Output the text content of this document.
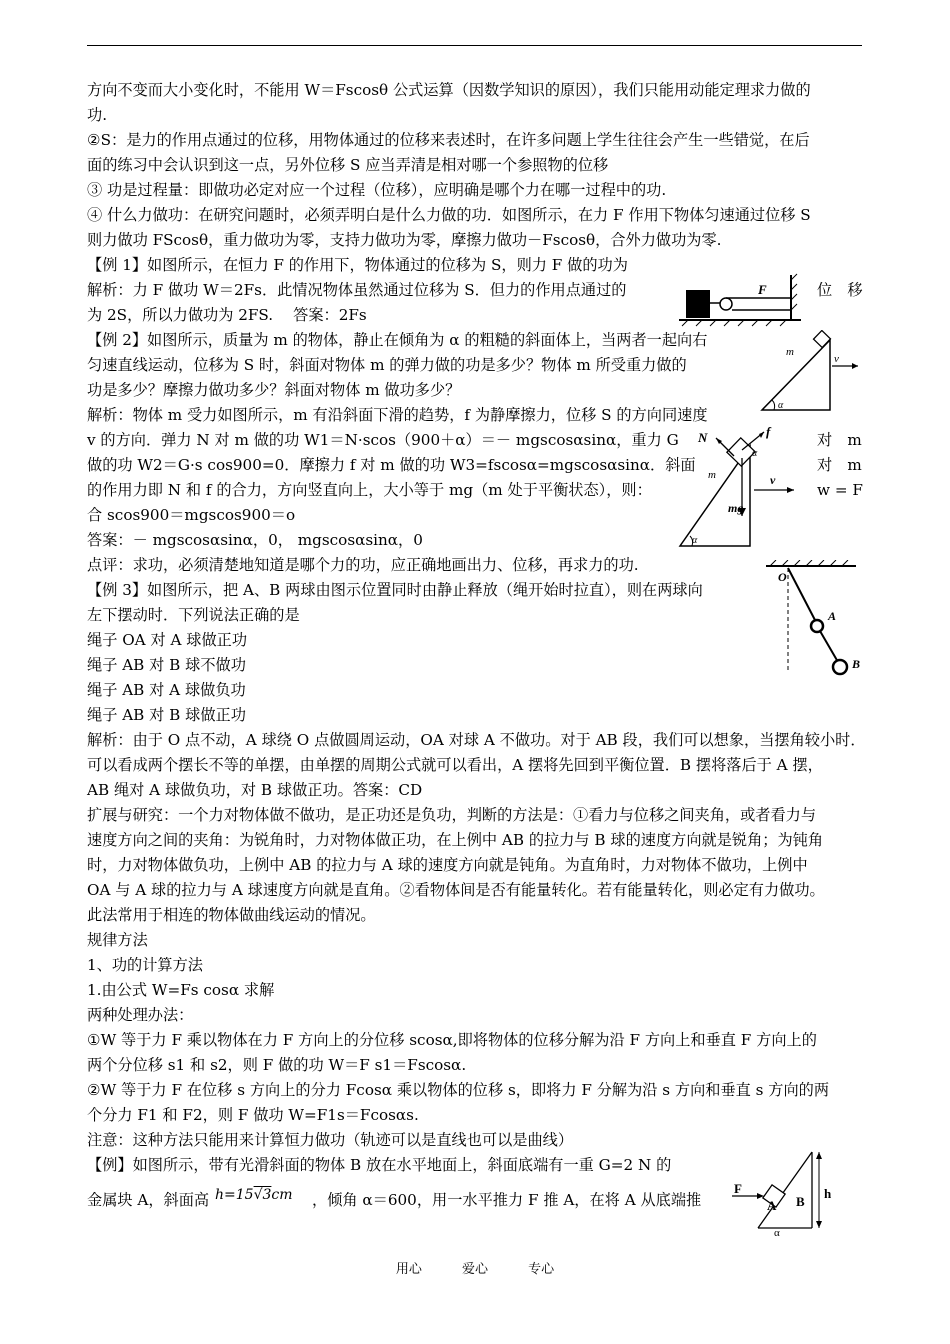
方向不变而大小变化时，不能用 W＝Fscosθ 公式运算（因数学知识的原因），我们只能用动能定理求力做的
功.
②S：是力的作用点通过的位移，用物体通过的位移来表述时，在许多问题上学生往往会产生一些错觉，在后
面的练习中会认识到这一点，另外位移 S 应当弄清是相对哪一个参照物的位移
③ 功是过程量：即做功必定对应一个过程（位移），应明确是哪个力在哪一过程中的功.
④ 什么力做功：在研究问题时，必须弄明白是什么力做的功．如图所示，在力 F 作用下物体匀速通过位移 S
则力做功 FScosθ，重力做功为零，支持力做功为零，摩擦力做功－Fscosθ，合外力做功为零.
【例 1】如图所示，在恒力 F 的作用下，物体通过的位移为 S，则力 F 做的功为
解析：力 F 做功 W＝2Fs．此情况物体虽然通过位移为 S．但力的作用点通过的	位　移
为 2S，所以力做功为 2FS.　 答案：2Fs
【例 2】如图所示，质量为 m 的物体，静止在倾角为 α 的粗糙的斜面体上，当两者一起向右
匀速直线运动，位移为 S 时，斜面对物体 m 的弹力做的功是多少？物体 m 所受重力做的
功是多少？摩擦力做功多少？斜面对物体 m 做功多少？
解析：物体 m 受力如图所示，m 有沿斜面下滑的趋势，f 为静摩擦力，位移 S 的方向同速度
v 的方向．弹力 N 对 m 做的功 W1＝N·scos（900＋α）＝－ mgscosαsinα，重力 G	对　m
做的功 W2＝G·s cos900=0．摩擦力 f 对 m 做的功 W3=fscosα=mgscosαsinα．斜面	对　m
的作用力即 N 和 f 的合力，方向竖直向上，大小等于 mg（m 处于平衡状态），则：	w = F
合 scos900＝mgscos900＝o
答案：－ mgscosαsinα，0， mgscosαsinα，0
点评：求功，必须清楚地知道是哪个力的功，应正确地画出力、位移，再求力的功.
【例 3】如图所示，把 A、B 两球由图示位置同时由静止释放（绳开始时拉直），则在两球向
左下摆动时．下列说法正确的是
绳子 OA 对 A 球做正功
绳子 AB 对 B 球不做功
绳子 AB 对 A 球做负功
绳子 AB 对 B 球做正功
解析：由于 O 点不动，A 球绕 O 点做圆周运动，OA 对球 A 不做功。对于 AB 段，我们可以想象，当摆角较小时．
可以看成两个摆长不等的单摆，由单摆的周期公式就可以看出，A 摆将先回到平衡位置．B 摆将落后于 A 摆，
AB 绳对 A 球做负功，对 B 球做正功。答案：CD
扩展与研究：一个力对物体做不做功，是正功还是负功，判断的方法是：①看力与位移之间夹角，或者看力与
速度方向之间的夹角：为锐角时，力对物体做正功，在上例中 AB 的拉力与 B 球的速度方向就是锐角；为钝角
时，力对物体做负功，上例中 AB 的拉力与 A 球的速度方向就是钝角。为直角时，力对物体不做功，上例中
OA 与 A 球的拉力与 A 球速度方向就是直角。②看物体间是否有能量转化。若有能量转化，则必定有力做功。
此法常用于相连的物体做曲线运动的情况。
规律方法
1、功的计算方法
1.由公式 W=Fs cosα 求解
两种处理办法：
①W 等于力 F 乘以物体在力 F 方向上的分位移 scosα,即将物体的位移分解为沿 F 方向上和垂直 F 方向上的
两个分位移 s1 和 s2，则 F 做的功 W＝F s1＝Fscosα.
②W 等于力 F 在位移 s 方向上的分力 Fcosα 乘以物体的位移 s，即将力 F 分解为沿 s 方向和垂直 s 方向的两
个分力 F1 和 F2，则 F 做功 W=F1s＝Fcosαs.
注意：这种方法只能用来计算恒力做功（轨迹可以是直线也可以是曲线）
【例】如图所示，带有光滑斜面的物体 B 放在水平地面上，斜面底端有一重 G=2 N 的
金属块 A，斜面高 h=15√3cm ，倾角 α＝600，用一水平推力 F 推 A，在将 A 从底端推
F
m
v
α
N	f
α
m	v
mg
α
O
A
B
F
A B
h
α
用心	爱心	专心
